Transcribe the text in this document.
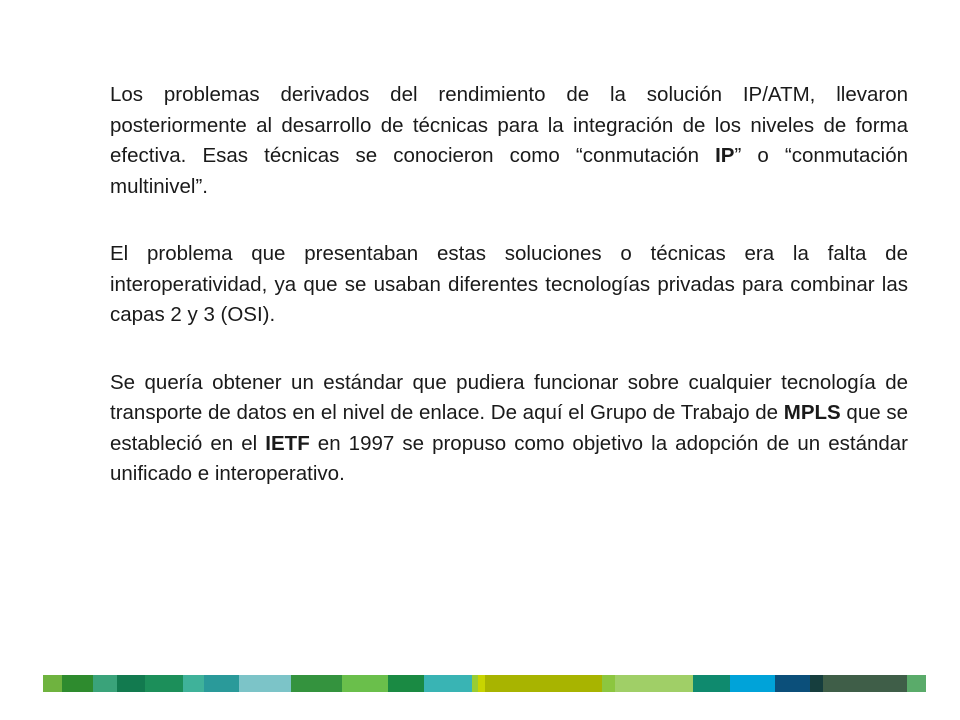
Los problemas derivados del rendimiento de la solución IP/ATM, llevaron posteriormente al desarrollo de técnicas para la integración de los niveles de forma efectiva. Esas técnicas se conocieron como “conmutación IP” o “conmutación multinivel”.

El problema que presentaban estas soluciones o técnicas era la falta de interoperatividad, ya que se usaban diferentes tecnologías privadas para combinar las capas 2 y 3 (OSI).

Se quería obtener un estándar que pudiera funcionar sobre cualquier tecnología de transporte de datos en el nivel de enlace. De aquí el Grupo de Trabajo de MPLS que se estableció en el IETF en 1997 se propuso como objetivo la adopción de un estándar unificado e interoperativo.
